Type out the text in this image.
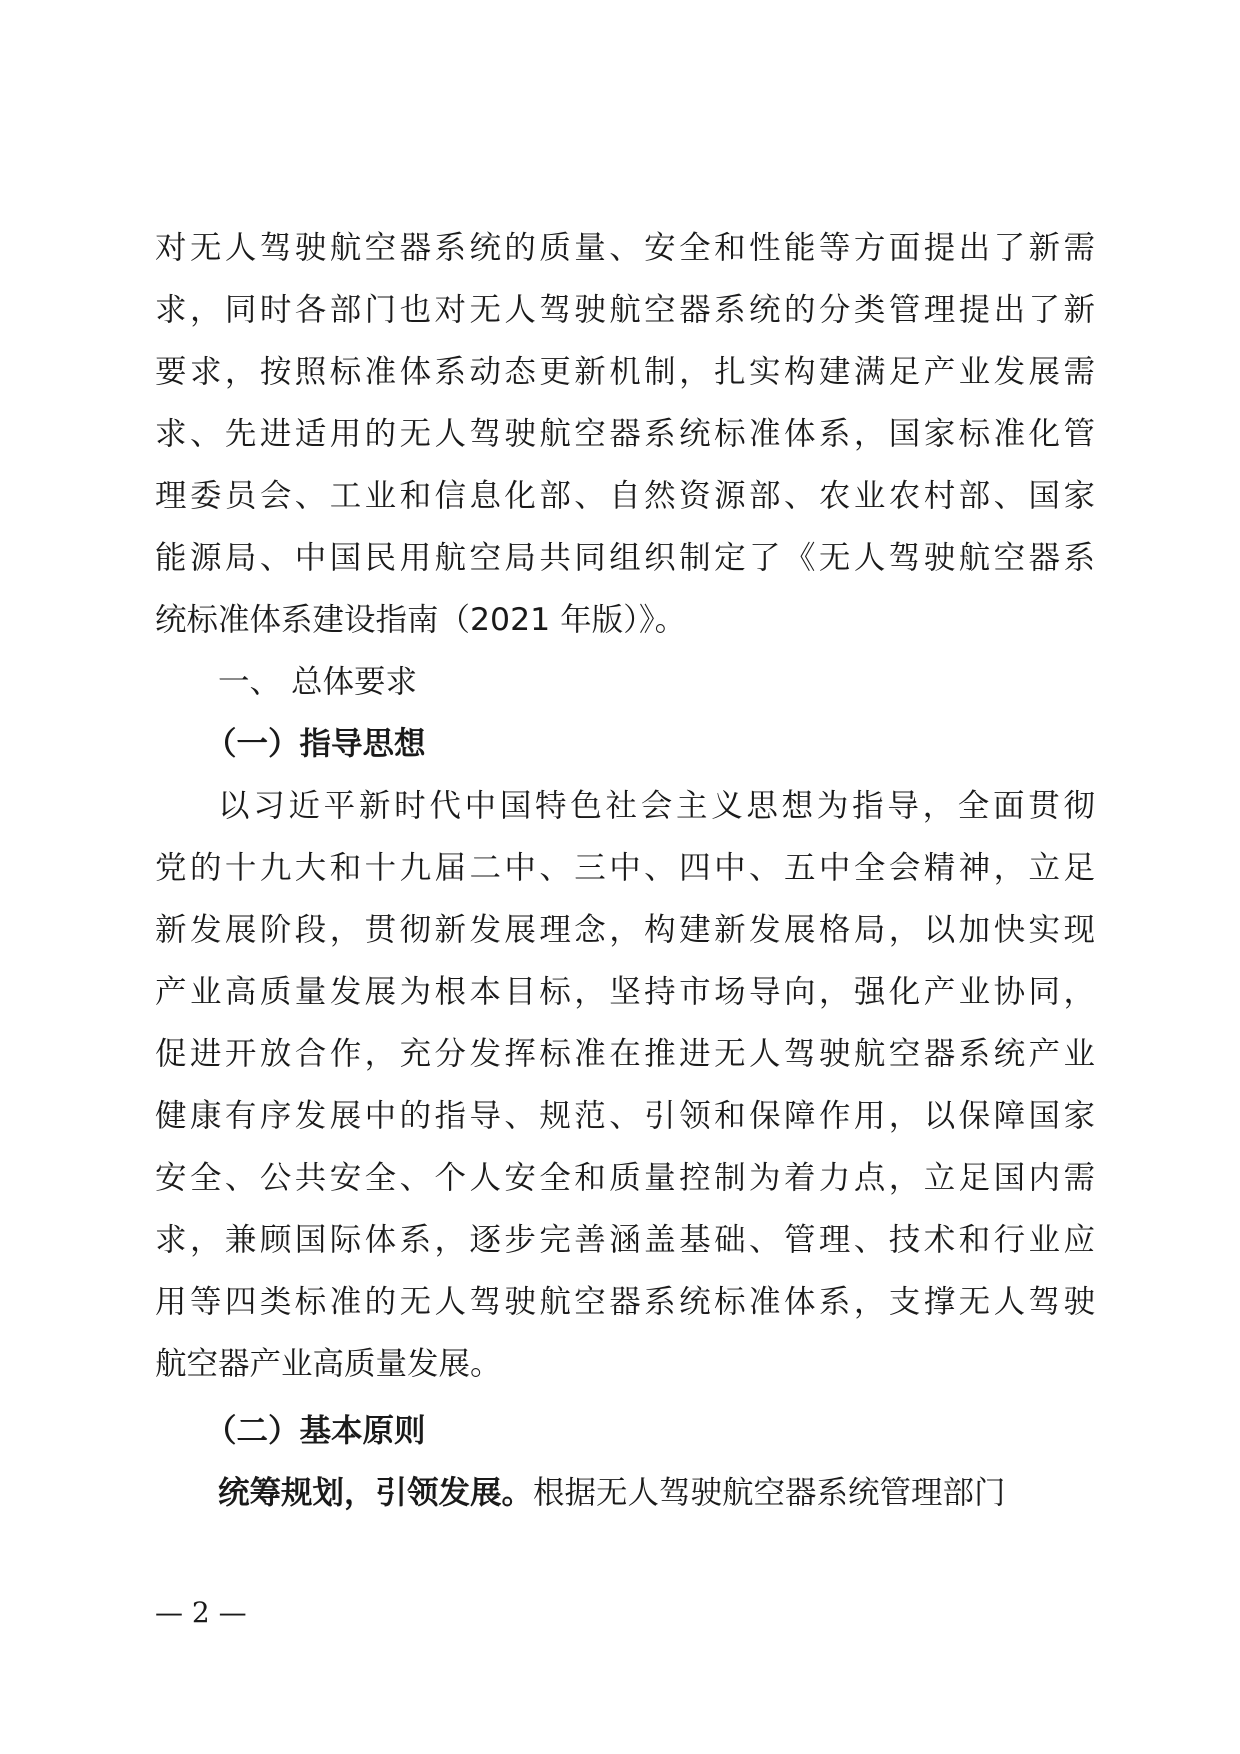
对无人驾驶航空器系统的质量、安全和性能等方面提出了新需
求，同时各部门也对无人驾驶航空器系统的分类管理提出了新
要求，按照标准体系动态更新机制，扎实构建满足产业发展需
求、先进适用的无人驾驶航空器系统标准体系，国家标准化管
理委员会、工业和信息化部、自然资源部、农业农村部、国家
能源局、中国民用航空局共同组织制定了《无人驾驶航空器系
统标准体系建设指南（2021 年版）》。
一、 总体要求
（一）指导思想
以习近平新时代中国特色社会主义思想为指导，全面贯彻
党的十九大和十九届二中、三中、四中、五中全会精神，立足
新发展阶段，贯彻新发展理念，构建新发展格局，以加快实现
产业高质量发展为根本目标，坚持市场导向，强化产业协同，
促进开放合作，充分发挥标准在推进无人驾驶航空器系统产业
健康有序发展中的指导、规范、引领和保障作用，以保障国家
安全、公共安全、个人安全和质量控制为着力点，立足国内需
求，兼顾国际体系，逐步完善涵盖基础、管理、技术和行业应
用等四类标准的无人驾驶航空器系统标准体系，支撑无人驾驶
航空器产业高质量发展。
（二）基本原则
统筹规划，引领发展。根据无人驾驶航空器系统管理部门
— 2 —
